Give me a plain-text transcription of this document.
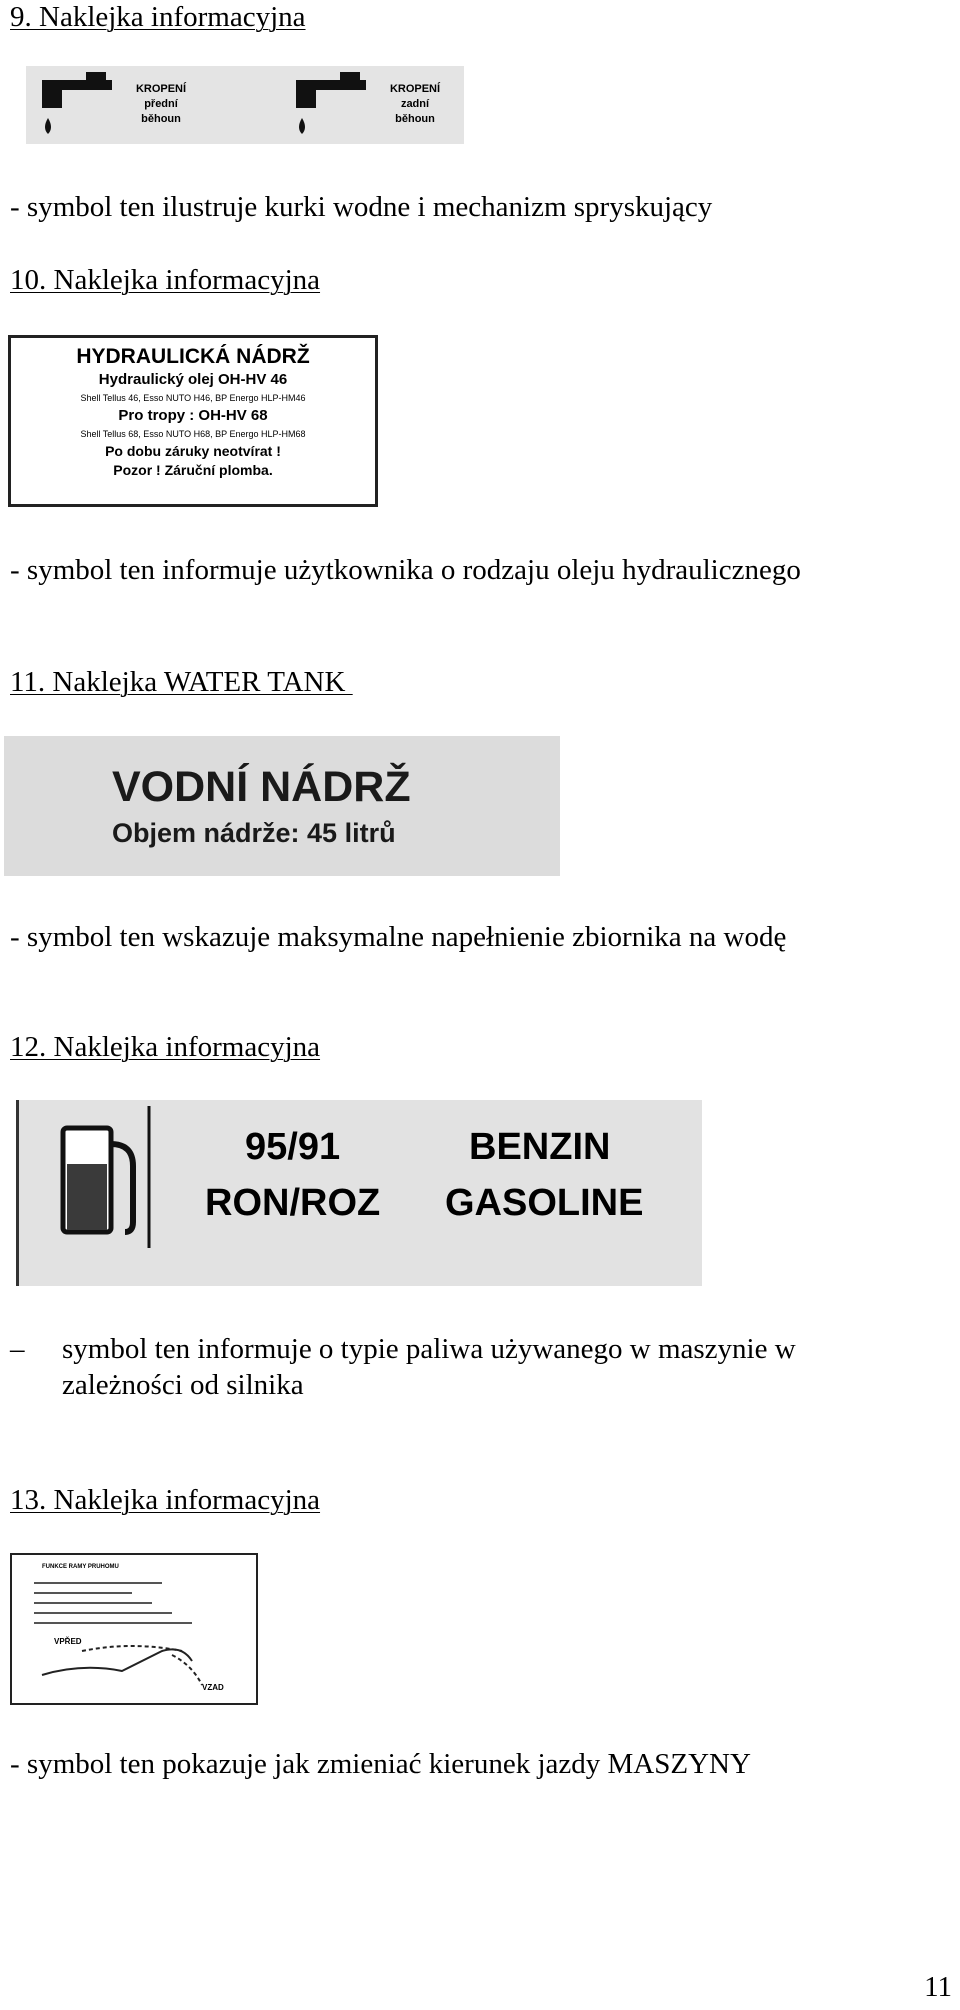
9. Naklejka informacyjna
KROPENÍ
přední
běhoun
KROPENÍ
zadní
běhoun
- symbol ten ilustruje kurki wodne i mechanizm spryskujący
10. Naklejka informacyjna
HYDRAULICKÁ NÁDRŽ
Hydraulický olej OH-HV 46
Shell Tellus 46, Esso NUTO H46, BP Energo HLP-HM46
Pro tropy : OH-HV 68
Shell Tellus 68, Esso NUTO H68, BP Energo HLP-HM68
Po dobu záruky neotvírat !
Pozor ! Záruční plomba.
- symbol ten informuje użytkownika o rodzaju oleju hydraulicznego
11. Naklejka WATER TANK
VODNÍ NÁDRŽ
Objem nádrže: 45 litrů
- symbol ten wskazuje maksymalne napełnienie zbiornika na wodę
12. Naklejka informacyjna
95/91
RON/ROZ
BENZIN
GASOLINE
– symbol ten informuje o typie paliwa używanego w maszynie w
zależności od silnika
13. Naklejka informacyjna
FUNKCE RAMY PRUHOMU
VPŘED
VZAD
- symbol ten pokazuje jak zmieniać kierunek jazdy MASZYNY
11
